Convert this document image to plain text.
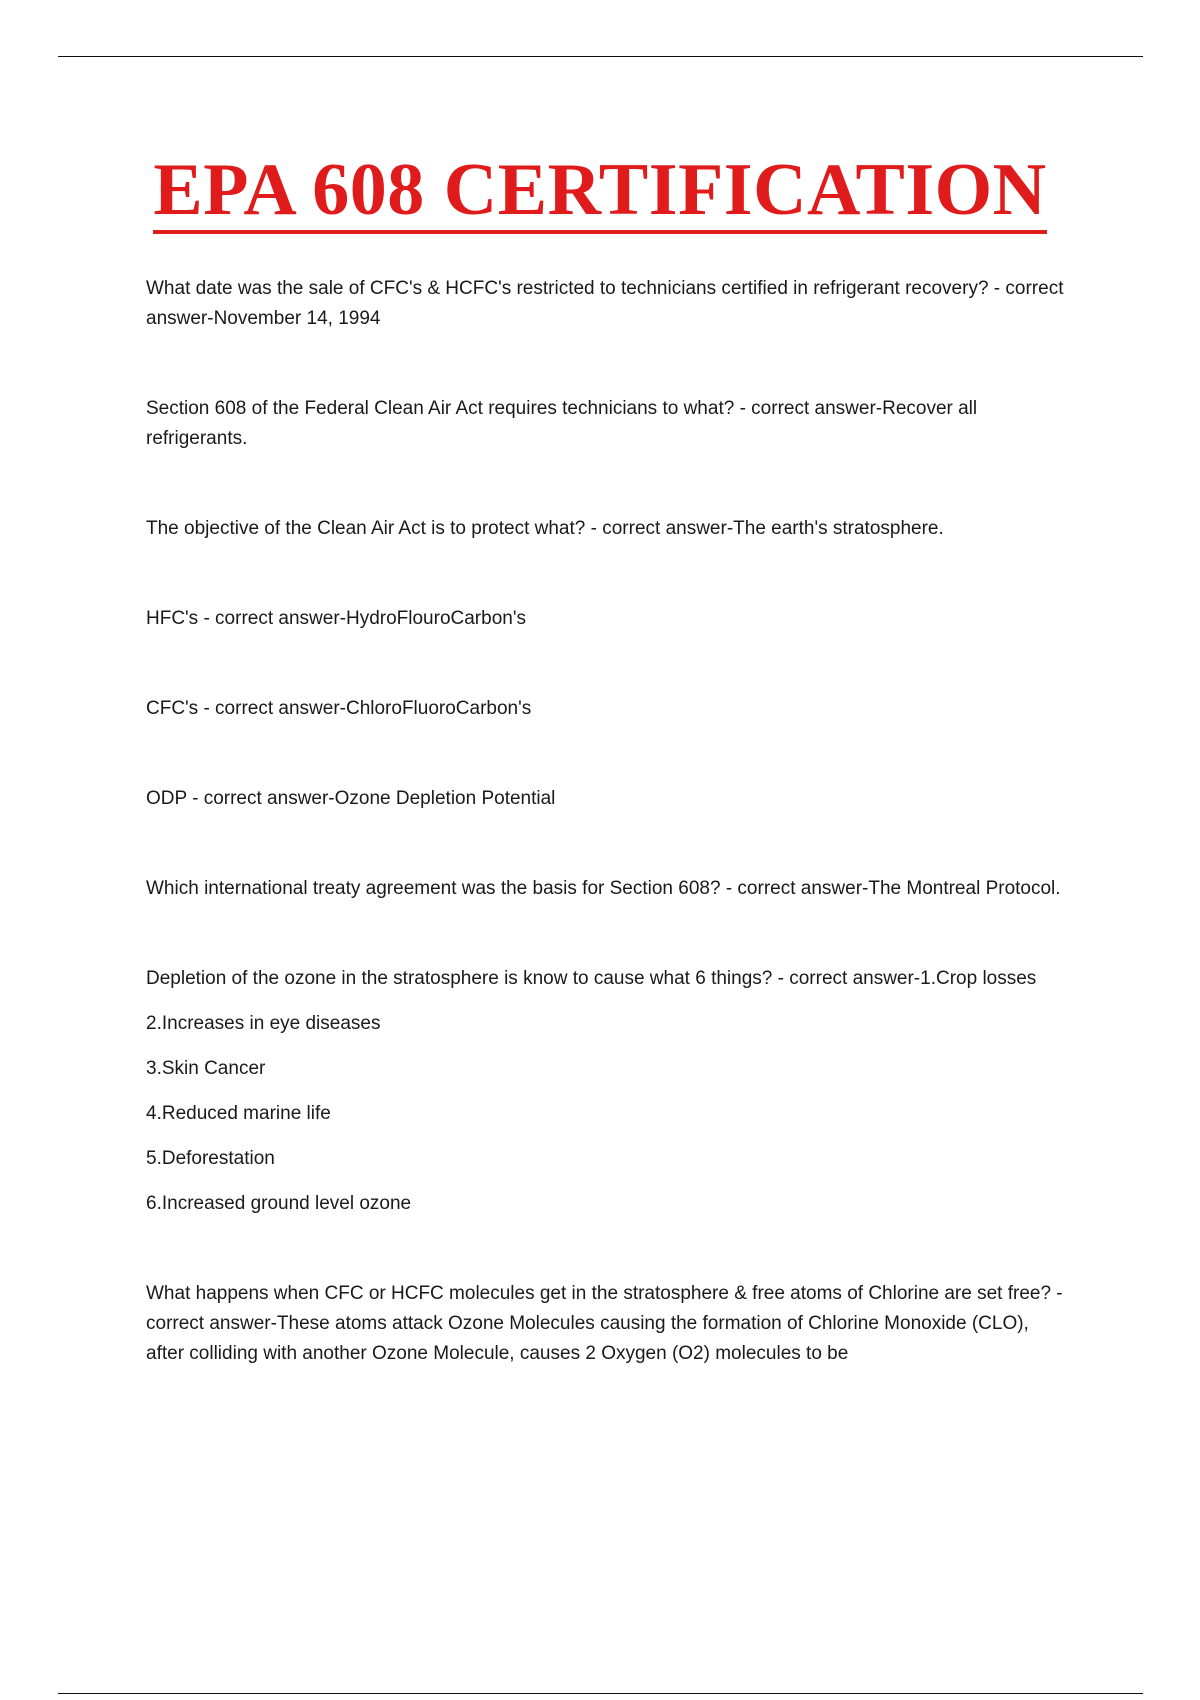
EPA 608 CERTIFICATION

What date was the sale of CFC's & HCFC's restricted to technicians certified in refrigerant recovery? - correct answer-November 14, 1994

Section 608 of the Federal Clean Air Act requires technicians to what? - correct answer-Recover all refrigerants.

The objective of the Clean Air Act is to protect what? - correct answer-The earth's stratosphere.

HFC's - correct answer-HydroFlouroCarbon's

CFC's - correct answer-ChloroFluoroCarbon's

ODP - correct answer-Ozone Depletion Potential

Which international treaty agreement was the basis for Section 608? - correct answer-The Montreal Protocol.

Depletion of the ozone in the stratosphere is know to cause what 6 things? - correct answer-1.Crop losses

2.Increases in eye diseases

3.Skin Cancer

4.Reduced marine life

5.Deforestation

6.Increased ground level ozone

What happens when CFC or HCFC molecules get in the stratosphere & free atoms of Chlorine are set free? - correct answer-These atoms attack Ozone Molecules causing the formation of Chlorine Monoxide (CLO), after colliding with another Ozone Molecule, causes 2 Oxygen (O2) molecules to be
